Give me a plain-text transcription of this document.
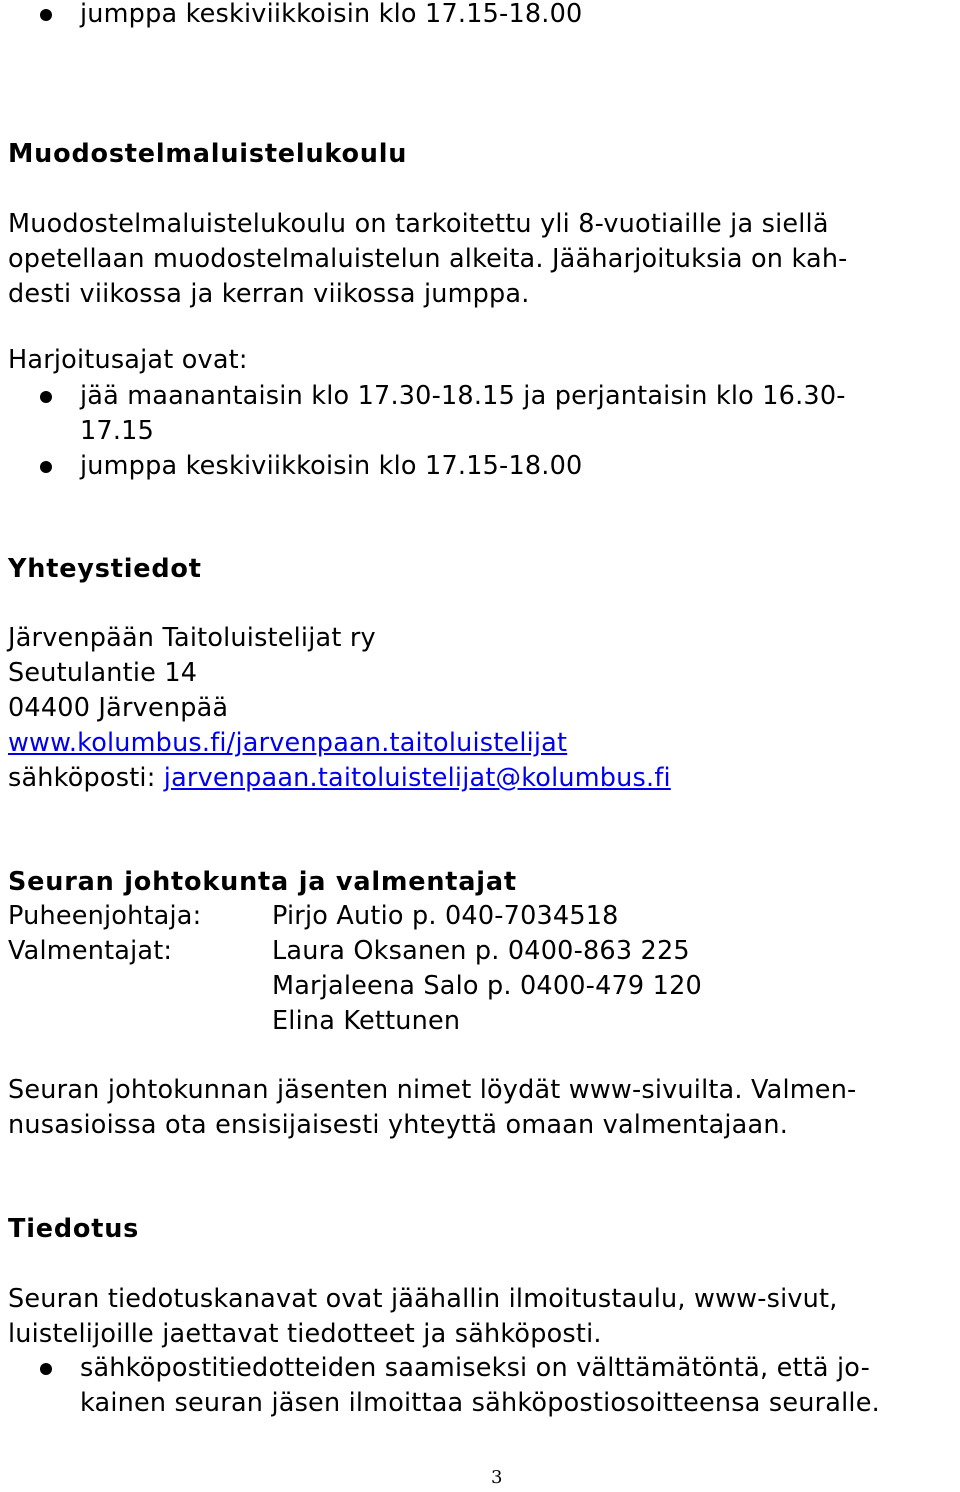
jumppa keskiviikkoisin klo 17.15-18.00
Muodostelmaluistelukoulu
Muodostelmaluistelukoulu on tarkoitettu yli 8-vuotiaille ja siellä
opetellaan muodostelmaluistelun alkeita. Jääharjoituksia on kah-
desti viikossa ja kerran viikossa jumppa.
Harjoitusajat ovat:
jää maanantaisin klo 17.30-18.15 ja perjantaisin klo 16.30-
17.15
jumppa keskiviikkoisin klo 17.15-18.00
Yhteystiedot
Järvenpään Taitoluistelijat ry
Seutulantie 14
04400 Järvenpää
www.kolumbus.fi/jarvenpaan.taitoluistelijat
sähköposti: jarvenpaan.taitoluistelijat@kolumbus.fi
Seuran johtokunta ja valmentajat
Puheenjohtaja:	Pirjo Autio p. 040-7034518
Valmentajat:	Laura Oksanen p. 0400-863 225
Marjaleena Salo p. 0400-479 120
Elina Kettunen
Seuran johtokunnan jäsenten nimet löydät www-sivuilta. Valmen-
nusasioissa ota ensisijaisesti yhteyttä omaan valmentajaan.
Tiedotus
Seuran tiedotuskanavat ovat jäähallin ilmoitustaulu, www-sivut,
luistelijoille jaettavat tiedotteet ja sähköposti.
sähköpostitiedotteiden saamiseksi on välttämätöntä, että jo-
kainen seuran jäsen ilmoittaa sähköpostiosoitteensa seuralle.
3
